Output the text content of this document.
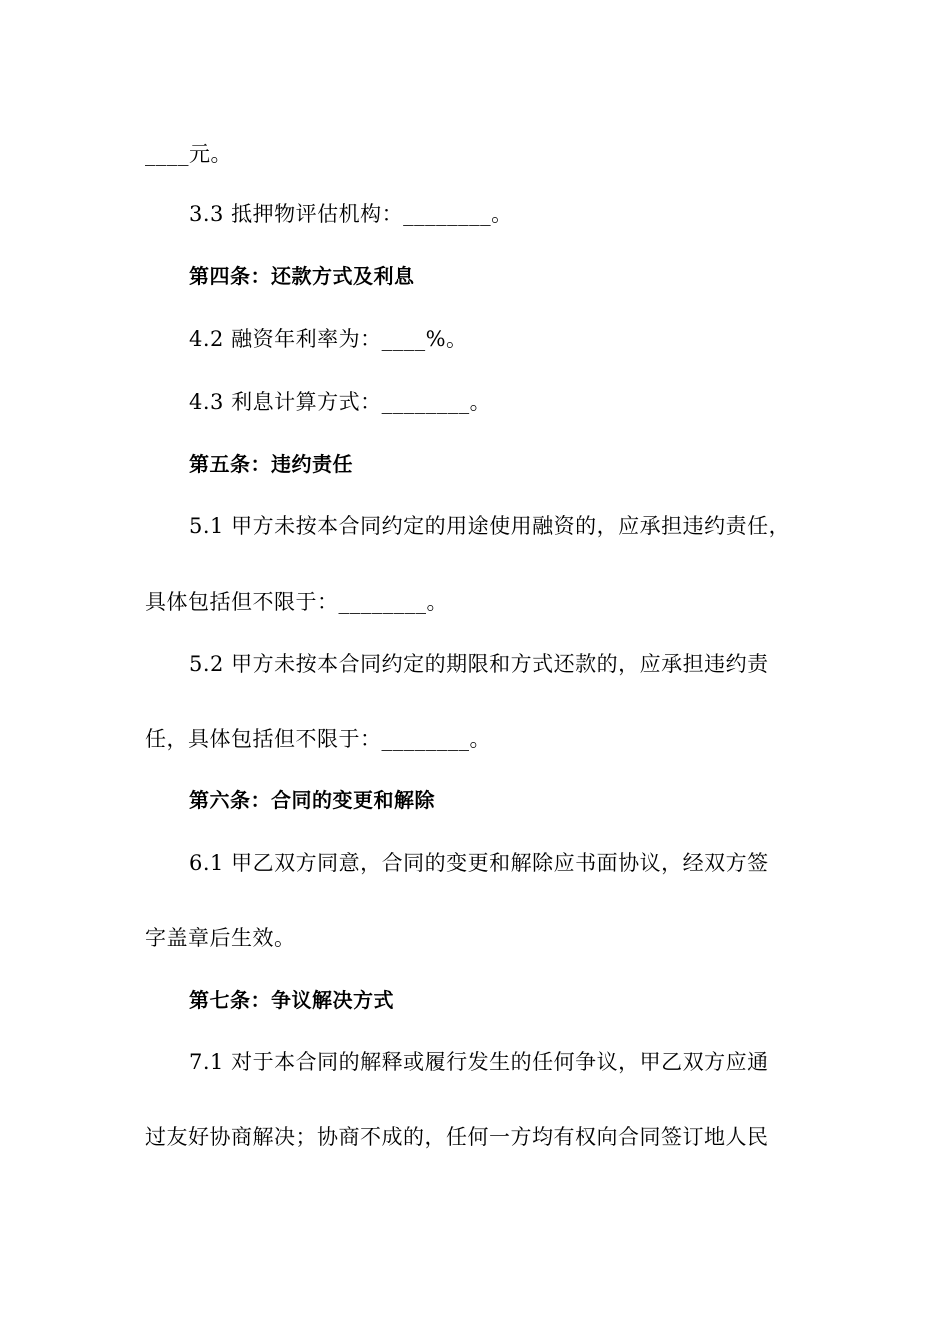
____元。
3.3 抵押物评估机构：________。
第四条：还款方式及利息
4.2 融资年利率为：____%。
4.3 利息计算方式：________。
第五条：违约责任
5.1 甲方未按本合同约定的用途使用融资的，应承担违约责任，
具体包括但不限于：________。
5.2 甲方未按本合同约定的期限和方式还款的，应承担违约责
任，具体包括但不限于：________。
第六条：合同的变更和解除
6.1 甲乙双方同意，合同的变更和解除应书面协议，经双方签
字盖章后生效。
第七条：争议解决方式
7.1 对于本合同的解释或履行发生的任何争议，甲乙双方应通
过友好协商解决；协商不成的，任何一方均有权向合同签订地人民
